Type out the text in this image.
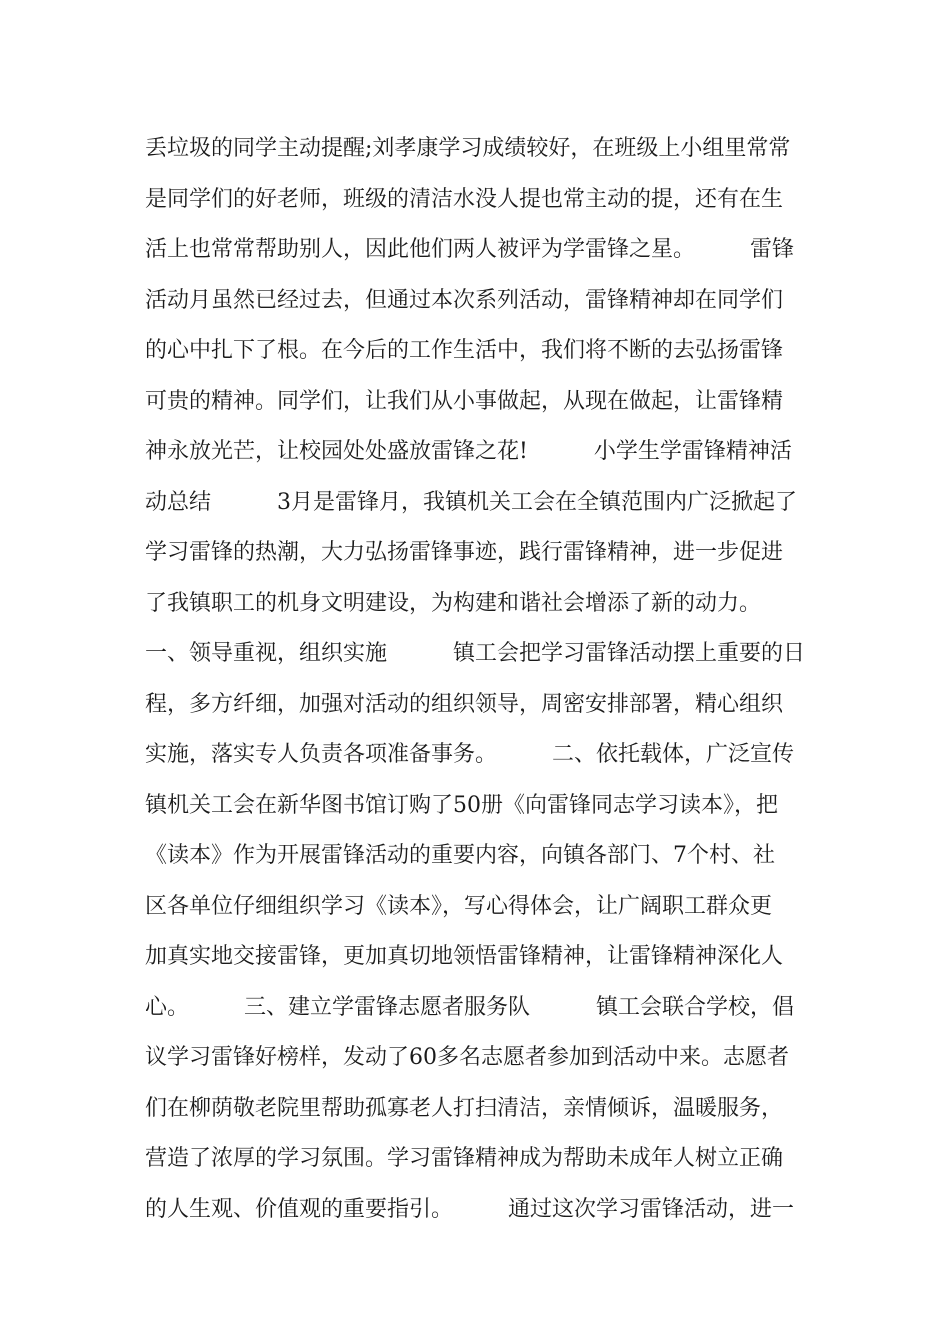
丢垃圾的同学主动提醒;刘孝康学习成绩较好，在班级上小组里常常
是同学们的好老师，班级的清洁水没人提也常主动的提，还有在生
活上也常常帮助别人，因此他们两人被评为学雷锋之星。　　　雷锋
活动月虽然已经过去，但通过本次系列活动，雷锋精神却在同学们
的心中扎下了根。在今后的工作生活中，我们将不断的去弘扬雷锋
可贵的精神。同学们，让我们从小事做起，从现在做起，让雷锋精
神永放光芒，让校园处处盛放雷锋之花!　　　小学生学雷锋精神活
动总结　　　3月是雷锋月，我镇机关工会在全镇范围内广泛掀起了
学习雷锋的热潮，大力弘扬雷锋事迹，践行雷锋精神，进一步促进
了我镇职工的机身文明建设，为构建和谐社会增添了新的动力。
一、领导重视，组织实施　　　镇工会把学习雷锋活动摆上重要的日
程，多方纤细，加强对活动的组织领导，周密安排部署，精心组织
实施，落实专人负责各项准备事务。　　　二、依托载体，广泛宣传
镇机关工会在新华图书馆订购了50册《向雷锋同志学习读本》，把
《读本》作为开展雷锋活动的重要内容，向镇各部门、7个村、社
区各单位仔细组织学习《读本》，写心得体会，让广阔职工群众更
加真实地交接雷锋，更加真切地领悟雷锋精神，让雷锋精神深化人
心。　　　三、建立学雷锋志愿者服务队　　　镇工会联合学校，倡
议学习雷锋好榜样，发动了60多名志愿者参加到活动中来。志愿者
们在柳荫敬老院里帮助孤寡老人打扫清洁，亲情倾诉，温暖服务，
营造了浓厚的学习氛围。学习雷锋精神成为帮助未成年人树立正确
的人生观、价值观的重要指引。　　　通过这次学习雷锋活动，进一
